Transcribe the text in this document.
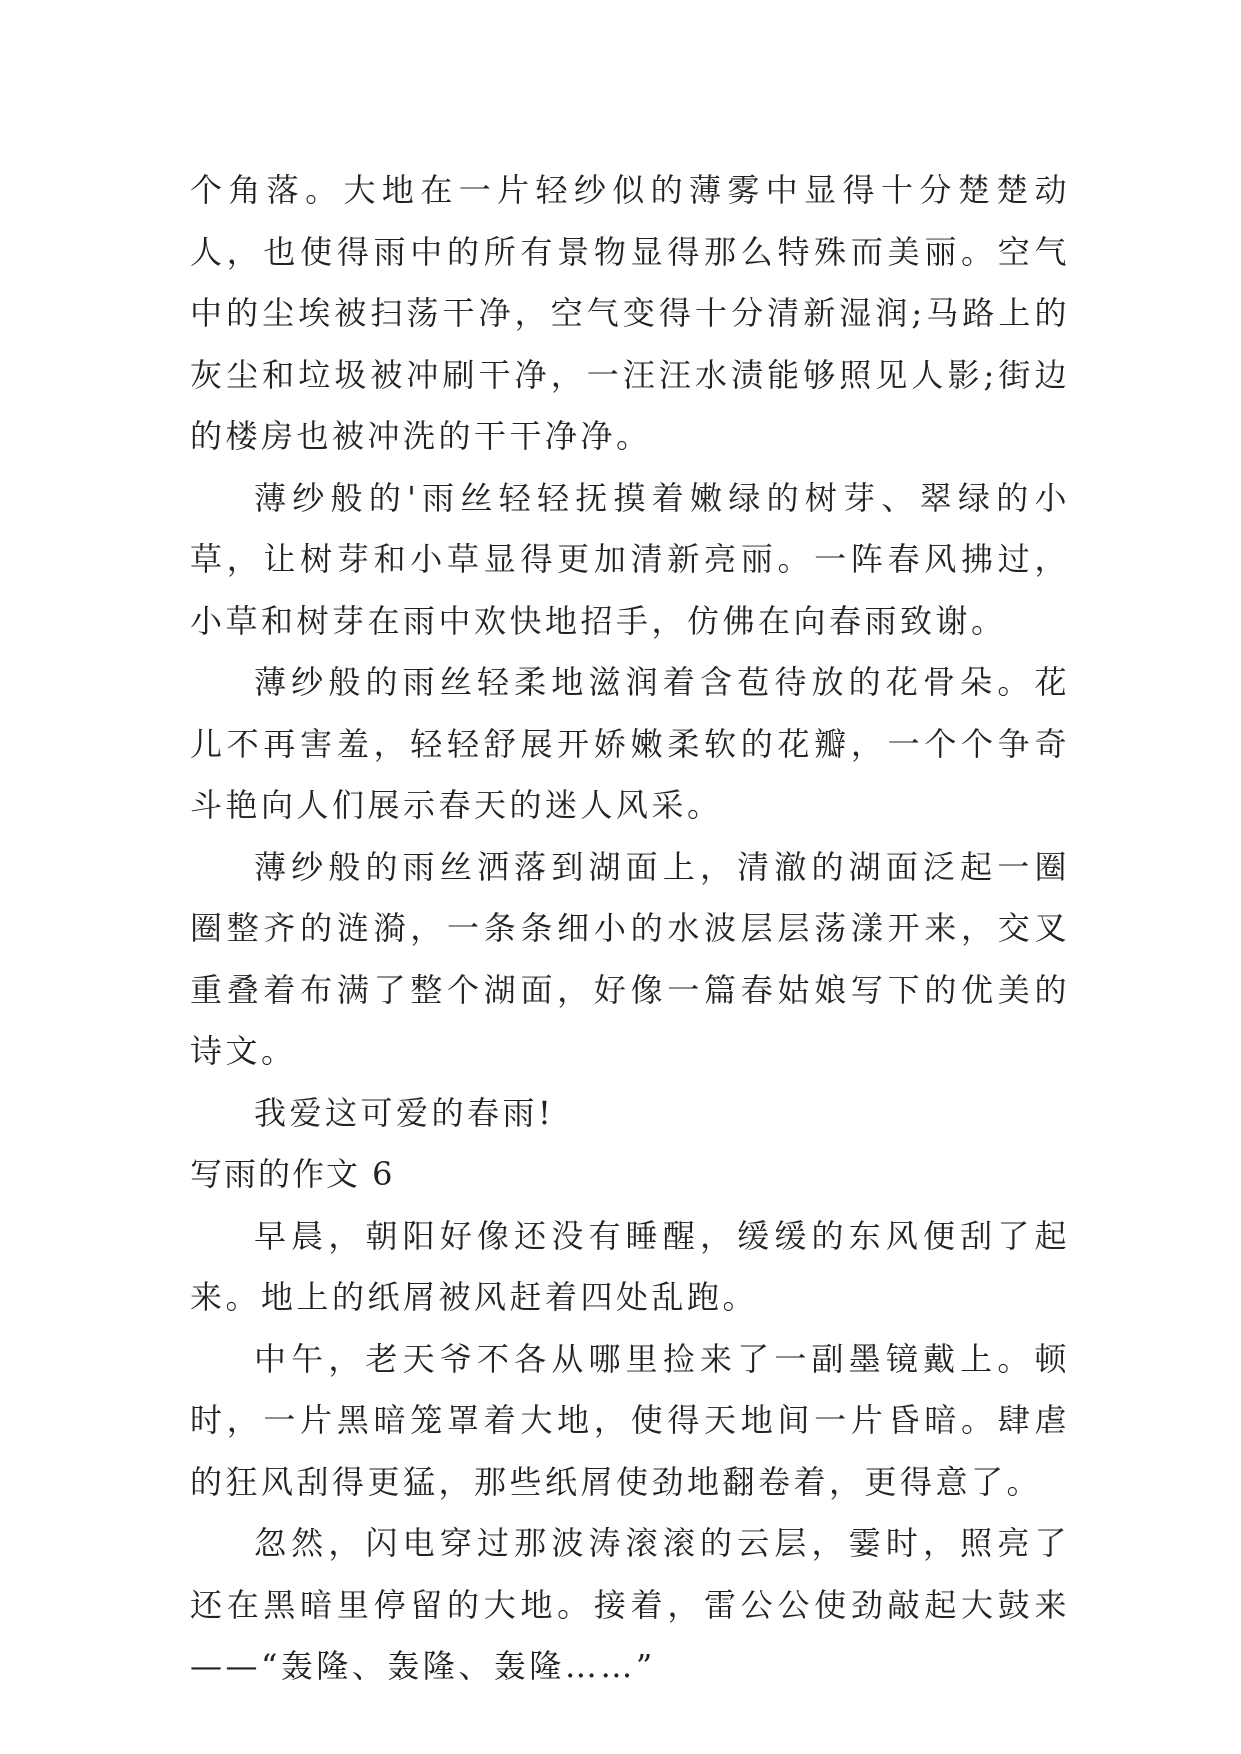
个角落。大地在一片轻纱似的薄雾中显得十分楚楚动人，也使得雨中的所有景物显得那么特殊而美丽。空气中的尘埃被扫荡干净，空气变得十分清新湿润;马路上的灰尘和垃圾被冲刷干净，一汪汪水渍能够照见人影;街边的楼房也被冲洗的干干净净。

薄纱般的'雨丝轻轻抚摸着嫩绿的树芽、翠绿的小草，让树芽和小草显得更加清新亮丽。一阵春风拂过，小草和树芽在雨中欢快地招手，仿佛在向春雨致谢。

薄纱般的雨丝轻柔地滋润着含苞待放的花骨朵。花儿不再害羞，轻轻舒展开娇嫩柔软的花瓣，一个个争奇斗艳向人们展示春天的迷人风采。

薄纱般的雨丝洒落到湖面上，清澈的湖面泛起一圈圈整齐的涟漪，一条条细小的水波层层荡漾开来，交叉重叠着布满了整个湖面，好像一篇春姑娘写下的优美的诗文。

我爱这可爱的春雨!

写雨的作文 6

早晨，朝阳好像还没有睡醒，缓缓的东风便刮了起来。地上的纸屑被风赶着四处乱跑。

中午，老天爷不各从哪里捡来了一副墨镜戴上。顿时，一片黑暗笼罩着大地，使得天地间一片昏暗。肆虐的狂风刮得更猛，那些纸屑使劲地翻卷着，更得意了。

忽然，闪电穿过那波涛滚滚的云层，霎时，照亮了还在黑暗里停留的大地。接着，雷公公使劲敲起大鼓来——“轰隆、轰隆、轰隆……”
